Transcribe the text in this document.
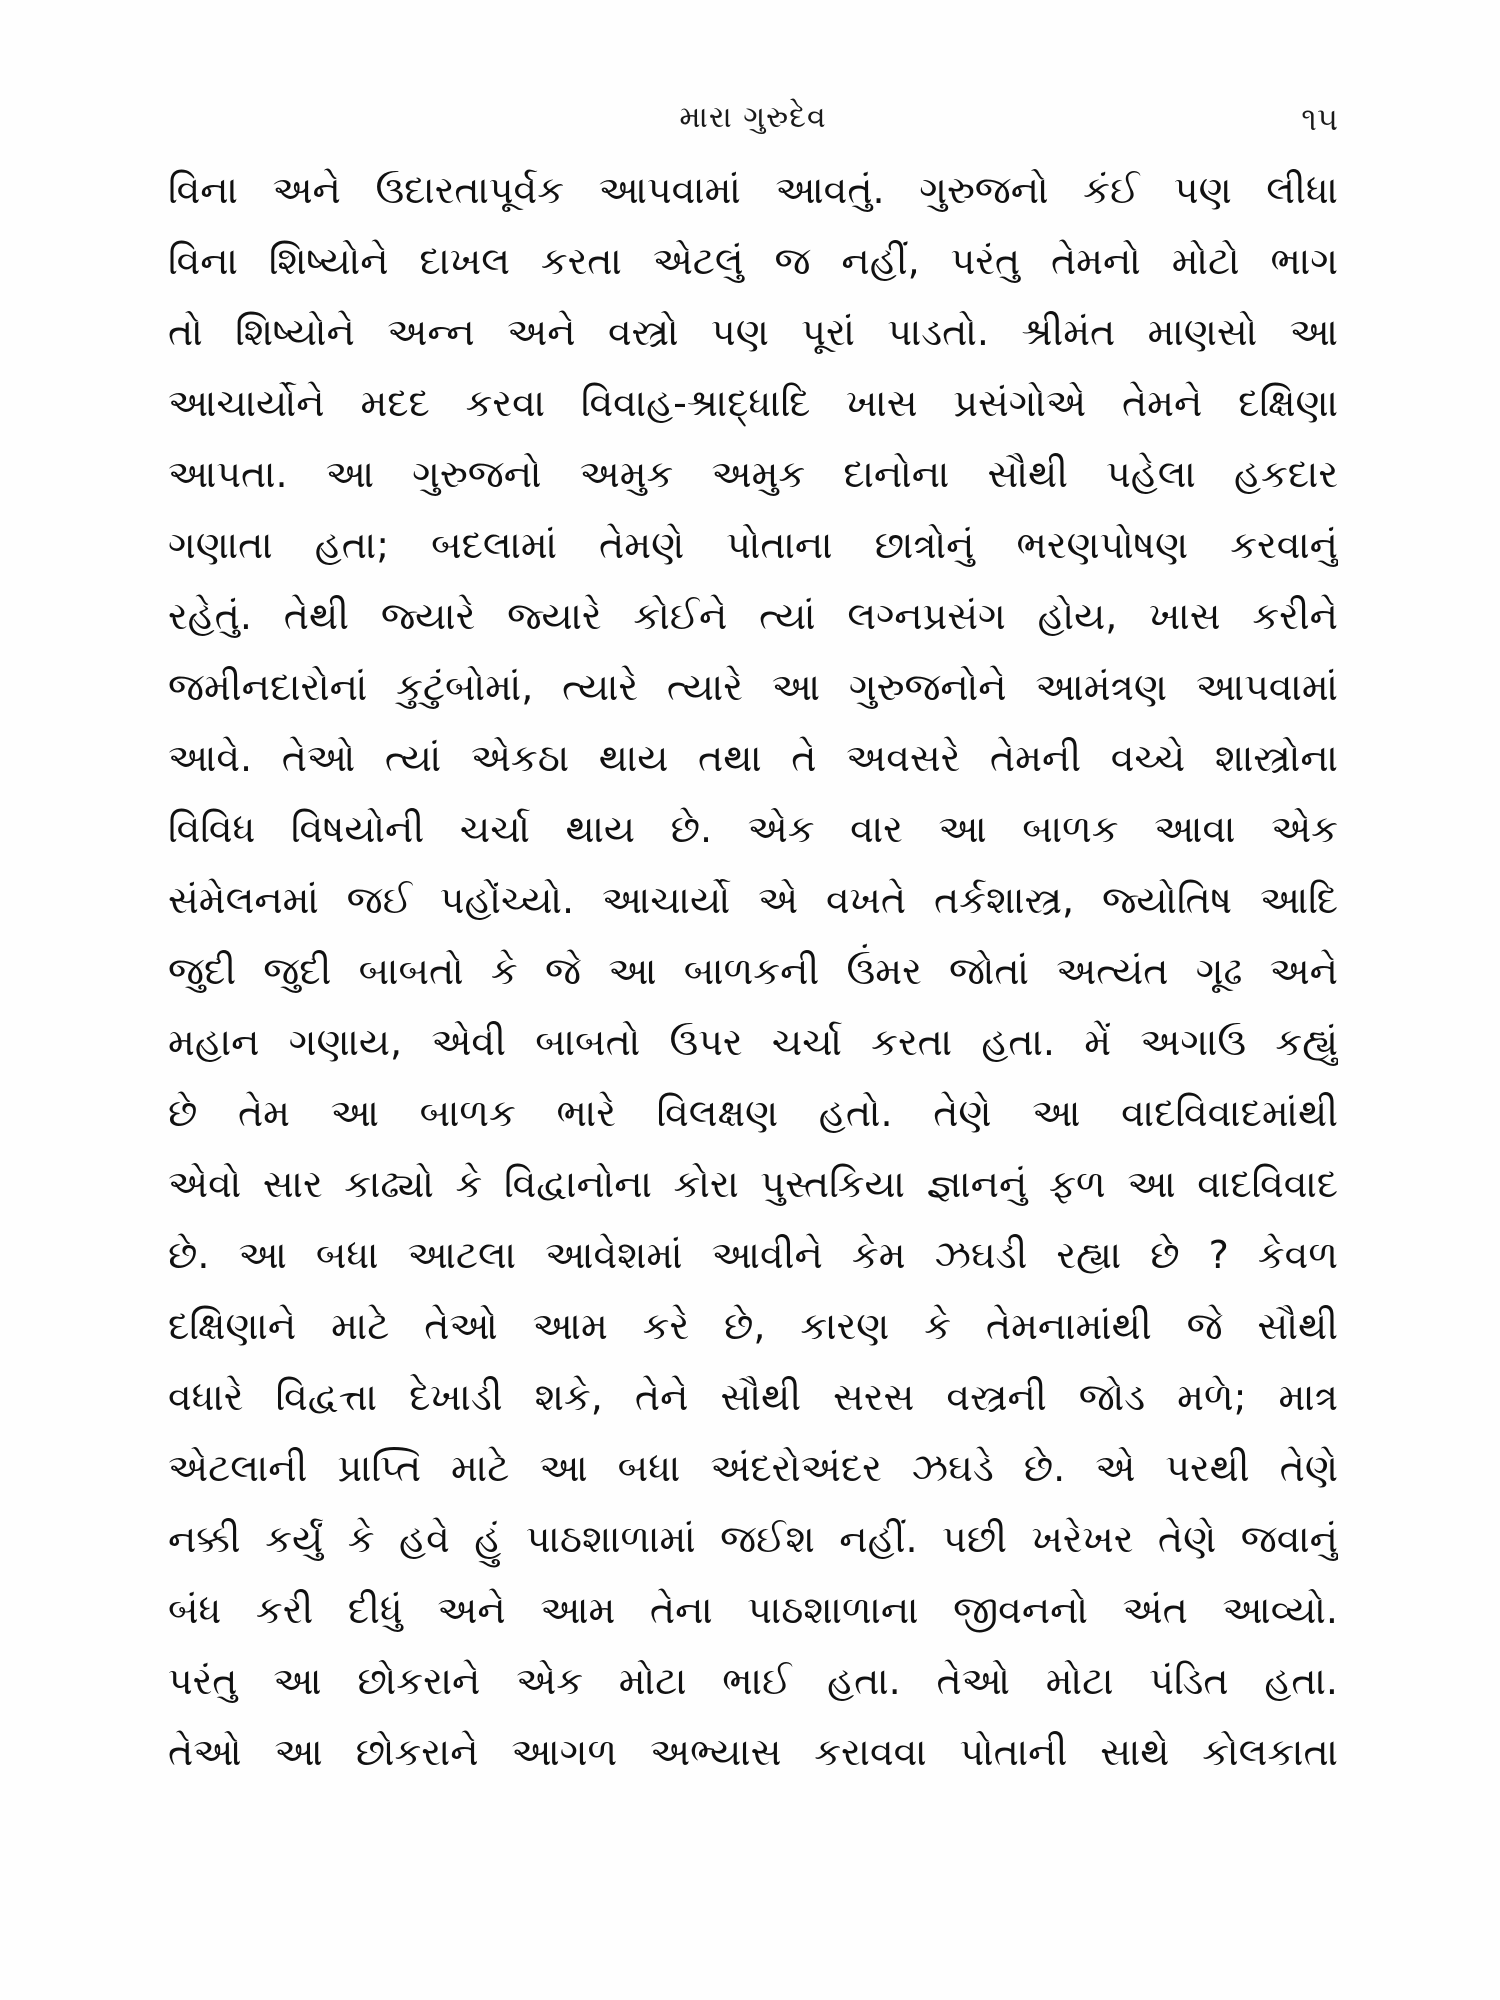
મારા ગુરુદેવ	૧૫
વિના અને ઉદારતાપૂર્વક આપવામાં આવતું. ગુરુજનો કંઈ પણ લીધા
વિના શિષ્યોને દાખલ કરતા એટલું જ નહીં, પરંતુ તેમનો મોટો ભાગ
તો શિષ્યોને અન્ન અને વસ્ત્રો પણ પૂરાં પાડતો. શ્રીમંત માણસો આ
આચાર્યોને મદદ કરવા વિવાહ-શ્રાદ્ધાદિ ખાસ પ્રસંગોએ તેમને દક્ષિણા
આપતા. આ ગુરુજનો અમુક અમુક દાનોના સૌથી પહેલા હકદાર
ગણાતા હતા; બદલામાં તેમણે પોતાના છાત્રોનું ભરણપોષણ કરવાનું
રહેતું. તેથી જ્યારે જ્યારે કોઈને ત્યાં લગ્નપ્રસંગ હોય, ખાસ કરીને
જમીનદારોનાં કુટુંબોમાં, ત્યારે ત્યારે આ ગુરુજનોને આમંત્રણ આપવામાં
આવે. તેઓ ત્યાં એકઠા થાય તથા તે અવસરે તેમની વચ્ચે શાસ્ત્રોના
વિવિધ વિષયોની ચર્ચા થાય છે. એક વાર આ બાળક આવા એક
સંમેલનમાં જઈ પહોંચ્યો. આચાર્યો એ વખતે તર્કશાસ્ત્ર, જ્યોતિષ આદિ
જુદી જુદી બાબતો કે જે આ બાળકની ઉંમર જોતાં અત્યંત ગૂઢ અને
મહાન ગણાય, એવી બાબતો ઉપર ચર્ચા કરતા હતા. મેં અગાઉ કહ્યું
છે તેમ આ બાળક ભારે વિલક્ષણ હતો. તેણે આ વાદવિવાદમાંથી
એવો સાર કાઢ્યો કે વિદ્વાનોના કોરા પુસ્તકિયા જ્ઞાનનું ફળ આ વાદવિવાદ
છે. આ બધા આટલા આવેશમાં આવીને કેમ ઝઘડી રહ્યા છે ? કેવળ
દક્ષિણાને માટે તેઓ આમ કરે છે, કારણ કે તેમનામાંથી જે સૌથી
વધારે વિદ્વત્તા દેખાડી શકે, તેને સૌથી સરસ વસ્ત્રની જોડ મળે; માત્ર
એટલાની પ્રાપ્તિ માટે આ બધા અંદરોઅંદર ઝઘડે છે. એ પરથી તેણે
નક્કી કર્યું કે હવે હું પાઠશાળામાં જઈશ નહીં. પછી ખરેખર તેણે જવાનું
બંધ કરી દીધું અને આમ તેના પાઠશાળાના જીવનનો અંત આવ્યો.
પરંતુ આ છોકરાને એક મોટા ભાઈ હતા. તેઓ મોટા પંડિત હતા.
તેઓ આ છોકરાને આગળ અભ્યાસ કરાવવા પોતાની સાથે કોલકાતા
